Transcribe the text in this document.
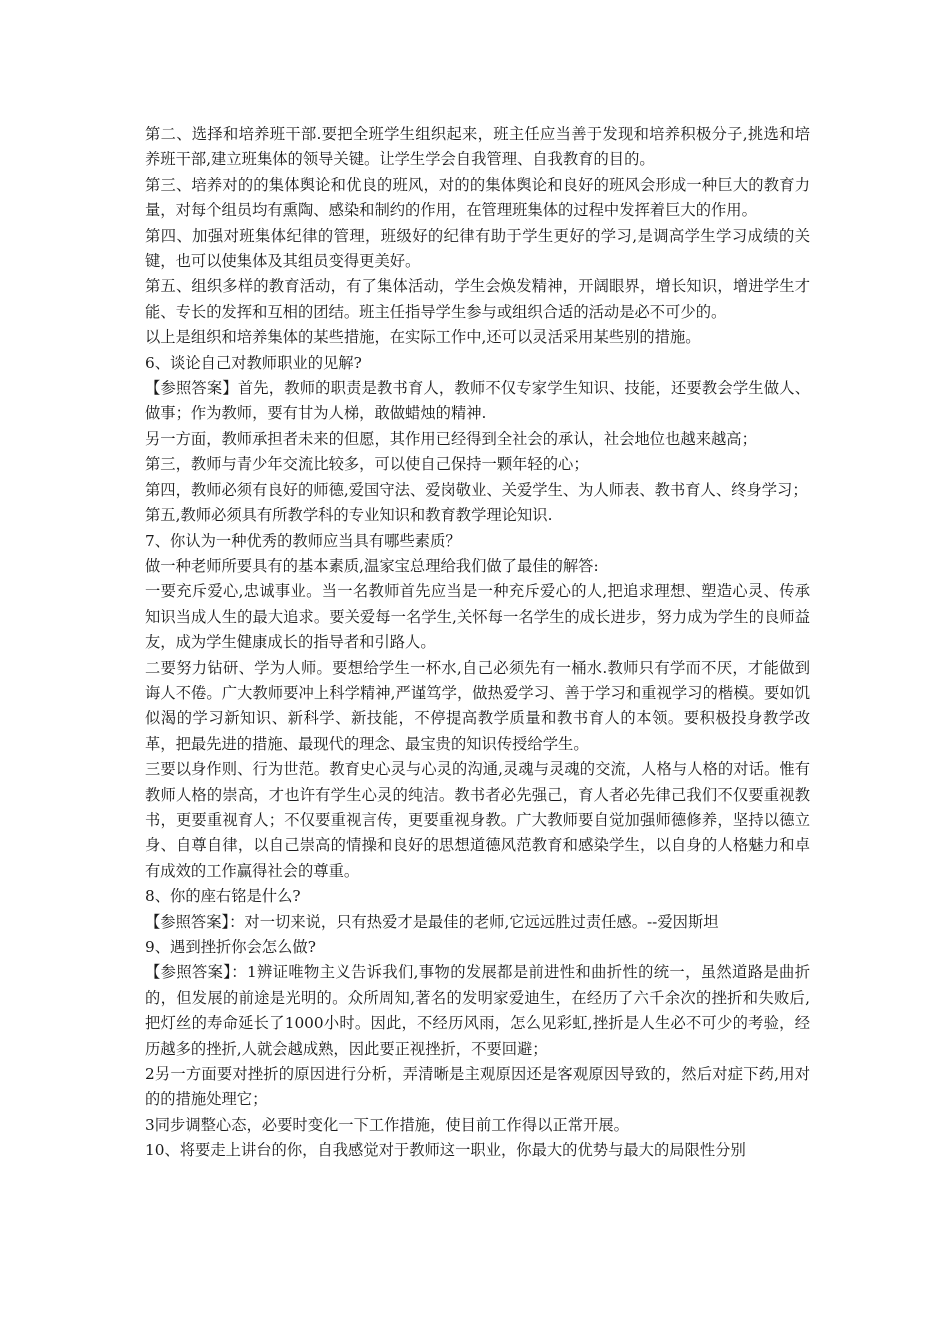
第二、选择和培养班干部.要把全班学生组织起来，班主任应当善于发现和培养积极分子,挑选和培养班干部,建立班集体的领导关键。让学生学会自我管理、自我教育的目的。

第三、培养对的的集体舆论和优良的班风，对的的集体舆论和良好的班风会形成一种巨大的教育力量，对每个组员均有熏陶、感染和制约的作用，在管理班集体的过程中发挥着巨大的作用。

第四、加强对班集体纪律的管理，班级好的纪律有助于学生更好的学习,是调高学生学习成绩的关键，也可以使集体及其组员变得更美好。

第五、组织多样的教育活动，有了集体活动，学生会焕发精神，开阔眼界，增长知识，增进学生才能、专长的发挥和互相的团结。班主任指导学生参与或组织合适的活动是必不可少的。

以上是组织和培养集体的某些措施，在实际工作中,还可以灵活采用某些别的措施。

6、谈论自己对教师职业的见解?

【参照答案】首先，教师的职责是教书育人，教师不仅专家学生知识、技能，还要教会学生做人、做事；作为教师，要有甘为人梯，敢做蜡烛的精神.

另一方面，教师承担者未来的但愿，其作用已经得到全社会的承认，社会地位也越来越高；

第三，教师与青少年交流比较多，可以使自己保持一颗年轻的心；

第四，教师必须有良好的师德,爱国守法、爱岗敬业、关爱学生、为人师表、教书育人、终身学习；

第五,教师必须具有所教学科的专业知识和教育教学理论知识.

7、你认为一种优秀的教师应当具有哪些素质？

做一种老师所要具有的基本素质,温家宝总理给我们做了最佳的解答:

一要充斥爱心,忠诚事业。当一名教师首先应当是一种充斥爱心的人,把追求理想、塑造心灵、传承知识当成人生的最大追求。要关爱每一名学生,关怀每一名学生的成长进步，努力成为学生的良师益友，成为学生健康成长的指导者和引路人。

二要努力钻研、学为人师。要想给学生一杯水,自己必须先有一桶水.教师只有学而不厌，才能做到诲人不倦。广大教师要冲上科学精神,严谨笃学，做热爱学习、善于学习和重视学习的楷模。要如饥似渴的学习新知识、新科学、新技能，不停提高教学质量和教书育人的本领。要积极投身教学改革，把最先进的措施、最现代的理念、最宝贵的知识传授给学生。

三要以身作则、行为世范。教育史心灵与心灵的沟通,灵魂与灵魂的交流，人格与人格的对话。惟有教师人格的崇高，才也许有学生心灵的纯洁。教书者必先强己，育人者必先律己我们不仅要重视教书，更要重视育人；不仅要重视言传，更要重视身教。广大教师要自觉加强师德修养，坚持以德立身、自尊自律，以自己崇高的情操和良好的思想道德风范教育和感染学生，以自身的人格魅力和卓有成效的工作赢得社会的尊重。

8、你的座右铭是什么?

【参照答案】：对一切来说，只有热爱才是最佳的老师,它远远胜过责任感。--爱因斯坦

9、遇到挫折你会怎么做?

【参照答案】：1辨证唯物主义告诉我们,事物的发展都是前进性和曲折性的统一，虽然道路是曲折的，但发展的前途是光明的。众所周知,著名的发明家爱迪生，在经历了六千余次的挫折和失败后,把灯丝的寿命延长了1000小时。因此，不经历风雨，怎么见彩虹,挫折是人生必不可少的考验，经历越多的挫折,人就会越成熟，因此要正视挫折，不要回避；

2另一方面要对挫折的原因进行分析，弄清晰是主观原因还是客观原因导致的，然后对症下药,用对的的措施处理它；

3同步调整心态，必要时变化一下工作措施，使目前工作得以正常开展。

10、将要走上讲台的你，自我感觉对于教师这一职业，你最大的优势与最大的局限性分别
